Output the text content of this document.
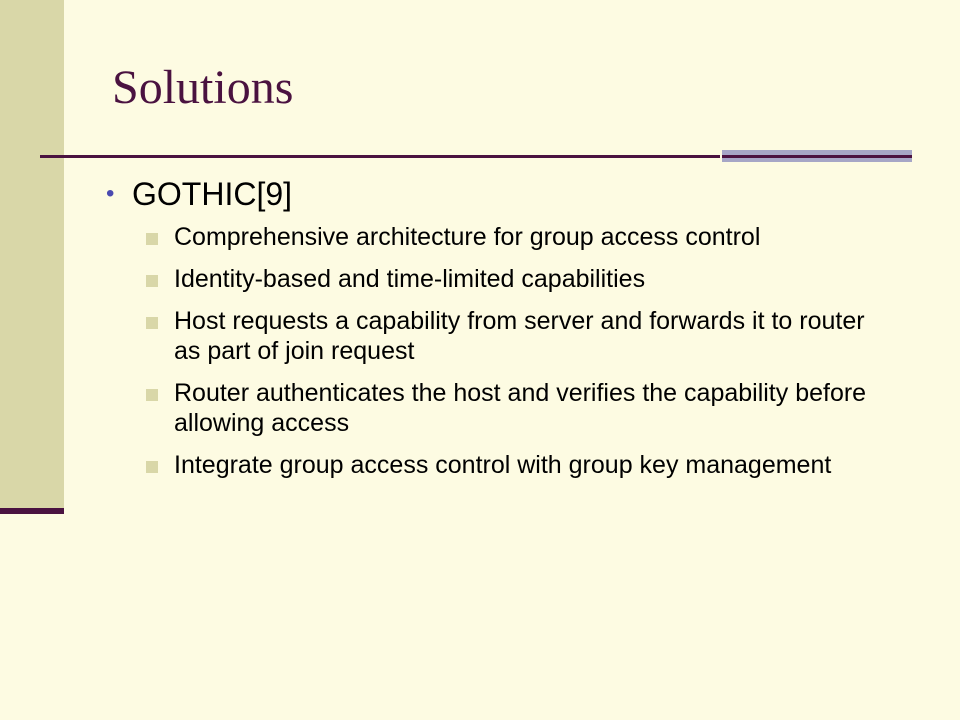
Solutions
• GOTHIC[9]
Comprehensive architecture for group access control
Identity-based and time-limited capabilities
Host requests a capability from server and forwards it to router as part of join request
Router authenticates the host and verifies the capability before allowing access
Integrate group access control with group key management
